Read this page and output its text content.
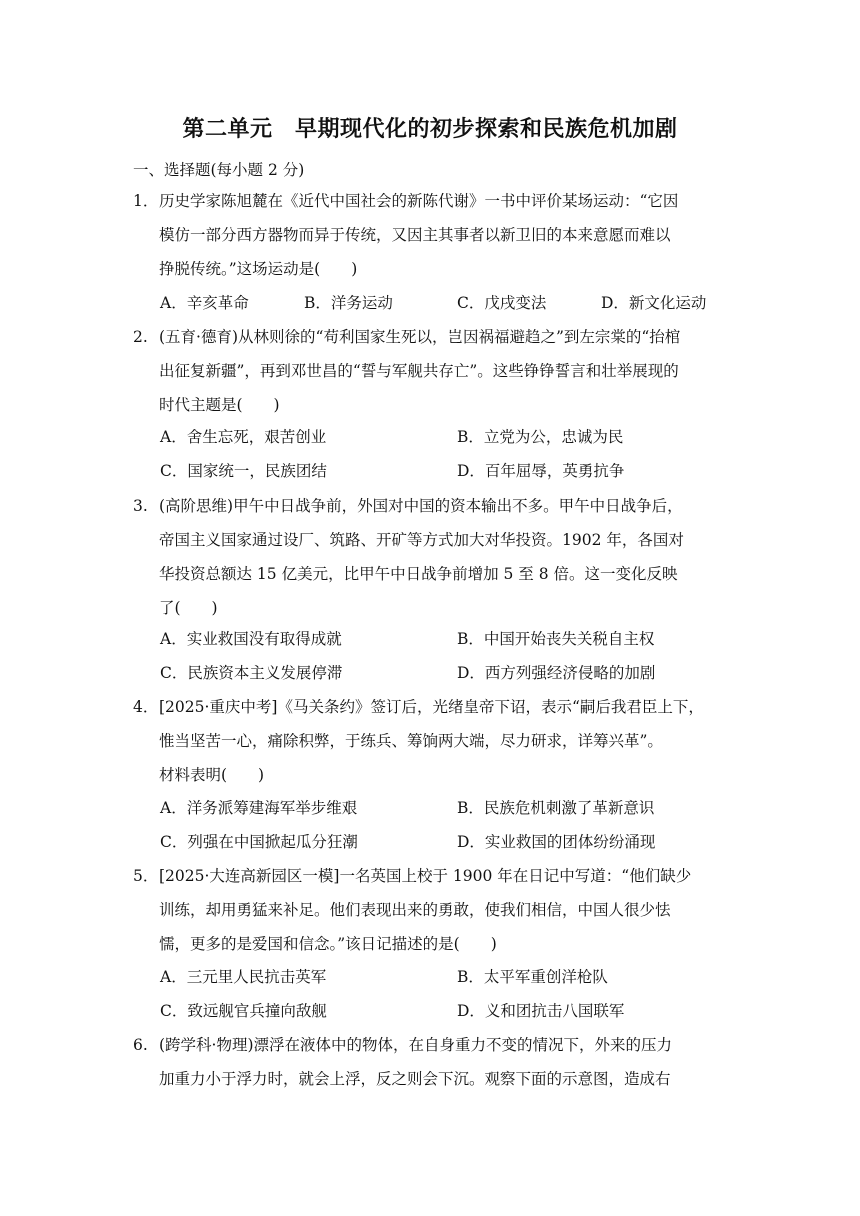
第二单元　早期现代化的初步探索和民族危机加剧
一、选择题(每小题 2 分)
1．历史学家陈旭麓在《近代中国社会的新陈代谢》一书中评价某场运动：“它因
模仿一部分西方器物而异于传统，又因主其事者以新卫旧的本来意愿而难以
挣脱传统。”这场运动是(　　)
A．辛亥革命	B．洋务运动	C．戊戌变法	D．新文化运动
2. (五育·德育)从林则徐的“苟利国家生死以，岂因祸福避趋之”到左宗棠的“抬棺
出征复新疆”，再到邓世昌的“誓与军舰共存亡”。这些铮铮誓言和壮举展现的
时代主题是(　　)
A．舍生忘死，艰苦创业	B．立党为公，忠诚为民
C．国家统一，民族团结	D．百年屈辱，英勇抗争
3. (高阶思维)甲午中日战争前，外国对中国的资本输出不多。甲午中日战争后，
帝国主义国家通过设厂、筑路、开矿等方式加大对华投资。1902 年，各国对
华投资总额达 15 亿美元，比甲午中日战争前增加 5 至 8 倍。这一变化反映
了(　　)
A．实业救国没有取得成就	B．中国开始丧失关税自主权
C．民族资本主义发展停滞	D．西方列强经济侵略的加剧
4．[2025·重庆中考]《马关条约》签订后，光绪皇帝下诏，表示“嗣后我君臣上下，
惟当坚苦一心，痛除积弊，于练兵、筹饷两大端，尽力研求，详筹兴革”。
材料表明(　　)
A．洋务派筹建海军举步维艰	B．民族危机刺激了革新意识
C．列强在中国掀起瓜分狂潮	D．实业救国的团体纷纷涌现
5．[2025·大连高新园区一模]一名英国上校于 1900 年在日记中写道：“他们缺少
训练，却用勇猛来补足。他们表现出来的勇敢，使我们相信，中国人很少怯
懦，更多的是爱国和信念。”该日记描述的是(　　)
A．三元里人民抗击英军	B．太平军重创洋枪队
C．致远舰官兵撞向敌舰	D．义和团抗击八国联军
6. (跨学科·物理)漂浮在液体中的物体，在自身重力不变的情况下，外来的压力
加重力小于浮力时，就会上浮，反之则会下沉。观察下面的示意图，造成右
